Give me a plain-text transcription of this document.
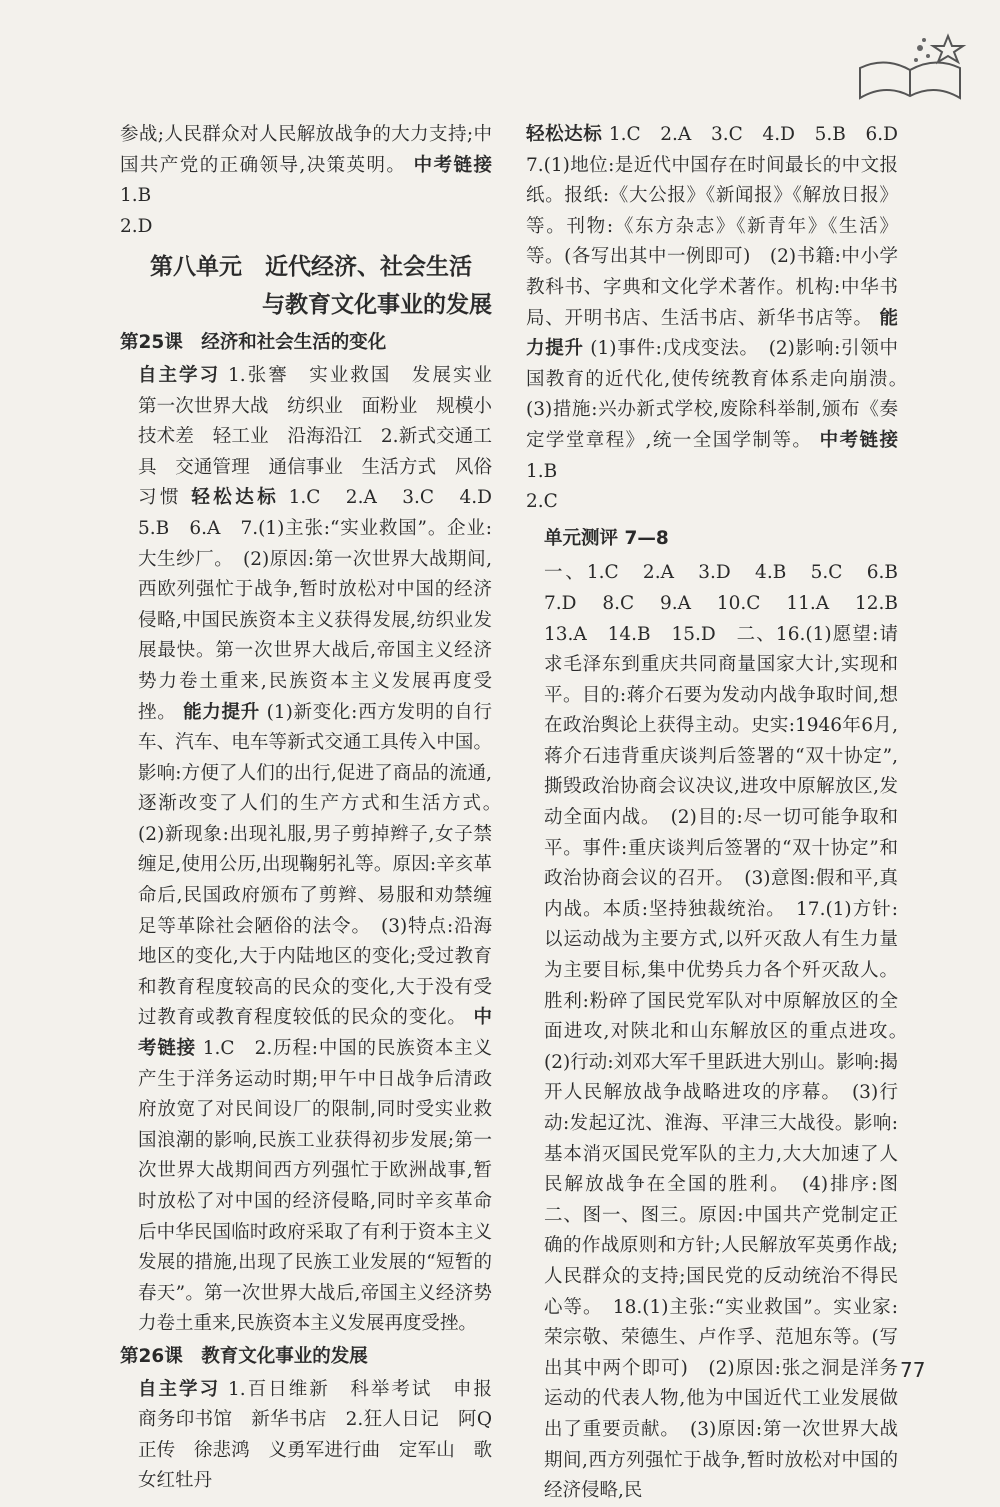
参战;人民群众对人民解放战争的大力支持;中国共产党的正确领导,决策英明。 中考链接 1.B

2.D

第八单元　近代经济、社会生活
与教育文化事业的发展

第25课　经济和社会生活的变化

自主学习 1.张謇　实业救国　发展实业　第一次世界大战　纺织业　面粉业　规模小　技术差　轻工业　沿海沿江　2.新式交通工具　交通管理　通信事业　生活方式　风俗习惯 轻松达标 1.C　2.A　3.C　4.D　5.B　6.A　7.(1)主张:“实业救国”。企业:大生纱厂。　(2)原因:第一次世界大战期间,西欧列强忙于战争,暂时放松对中国的经济侵略,中国民族资本主义获得发展,纺织业发展最快。第一次世界大战后,帝国主义经济势力卷土重来,民族资本主义发展再度受挫。 能力提升 (1)新变化:西方发明的自行车、汽车、电车等新式交通工具传入中国。影响:方便了人们的出行,促进了商品的流通,逐渐改变了人们的生产方式和生活方式。　(2)新现象:出现礼服,男子剪掉辫子,女子禁缠足,使用公历,出现鞠躬礼等。原因:辛亥革命后,民国政府颁布了剪辫、易服和劝禁缠足等革除社会陋俗的法令。　(3)特点:沿海地区的变化,大于内陆地区的变化;受过教育和教育程度较高的民众的变化,大于没有受过教育或教育程度较低的民众的变化。 中考链接 1.C　2.历程:中国的民族资本主义产生于洋务运动时期;甲午中日战争后清政府放宽了对民间设厂的限制,同时受实业救国浪潮的影响,民族工业获得初步发展;第一次世界大战期间西方列强忙于欧洲战事,暂时放松了对中国的经济侵略,同时辛亥革命后中华民国临时政府采取了有利于资本主义发展的措施,出现了民族工业发展的“短暂的春天”。第一次世界大战后,帝国主义经济势力卷土重来,民族资本主义发展再度受挫。

第26课　教育文化事业的发展

自主学习 1.百日维新　科举考试　申报　商务印书馆　新华书店　2.狂人日记　阿Q正传　徐悲鸿　义勇军进行曲　定军山　歌女红牡丹

轻松达标 1.C　2.A　3.C　4.D　5.B　6.D　7.(1)地位:是近代中国存在时间最长的中文报纸。报纸:《大公报》《新闻报》《解放日报》等。刊物:《东方杂志》《新青年》《生活》等。(各写出其中一例即可)　(2)书籍:中小学教科书、字典和文化学术著作。机构:中华书局、开明书店、生活书店、新华书店等。 能力提升 (1)事件:戊戌变法。　(2)影响:引领中国教育的近代化,使传统教育体系走向崩溃。　(3)措施:兴办新式学校,废除科举制,颁布《奏定学堂章程》,统一全国学制等。 中考链接 1.B

2.C

单元测评 7—8

一、1.C　2.A　3.D　4.B　5.C　6.B　7.D　8.C　9.A　10.C　11.A　12.B　13.A　14.B　15.D　二、16.(1)愿望:请求毛泽东到重庆共同商量国家大计,实现和平。目的:蒋介石要为发动内战争取时间,想在政治舆论上获得主动。史实:1946年6月,蒋介石违背重庆谈判后签署的“双十协定”,撕毁政治协商会议决议,进攻中原解放区,发动全面内战。　(2)目的:尽一切可能争取和平。事件:重庆谈判后签署的“双十协定”和政治协商会议的召开。　(3)意图:假和平,真内战。本质:坚持独裁统治。　17.(1)方针:以运动战为主要方式,以歼灭敌人有生力量为主要目标,集中优势兵力各个歼灭敌人。胜利:粉碎了国民党军队对中原解放区的全面进攻,对陕北和山东解放区的重点进攻。　(2)行动:刘邓大军千里跃进大别山。影响:揭开人民解放战争战略进攻的序幕。　(3)行动:发起辽沈、淮海、平津三大战役。影响:基本消灭国民党军队的主力,大大加速了人民解放战争在全国的胜利。　(4)排序:图二、图一、图三。原因:中国共产党制定正确的作战原则和方针;人民解放军英勇作战;人民群众的支持;国民党的反动统治不得民心等。　18.(1)主张:“实业救国”。实业家:荣宗敬、荣德生、卢作孚、范旭东等。(写出其中两个即可)　(2)原因:张之洞是洋务运动的代表人物,他为中国近代工业发展做出了重要贡献。　(3)原因:第一次世界大战期间,西方列强忙于战争,暂时放松对中国的经济侵略,民

77
